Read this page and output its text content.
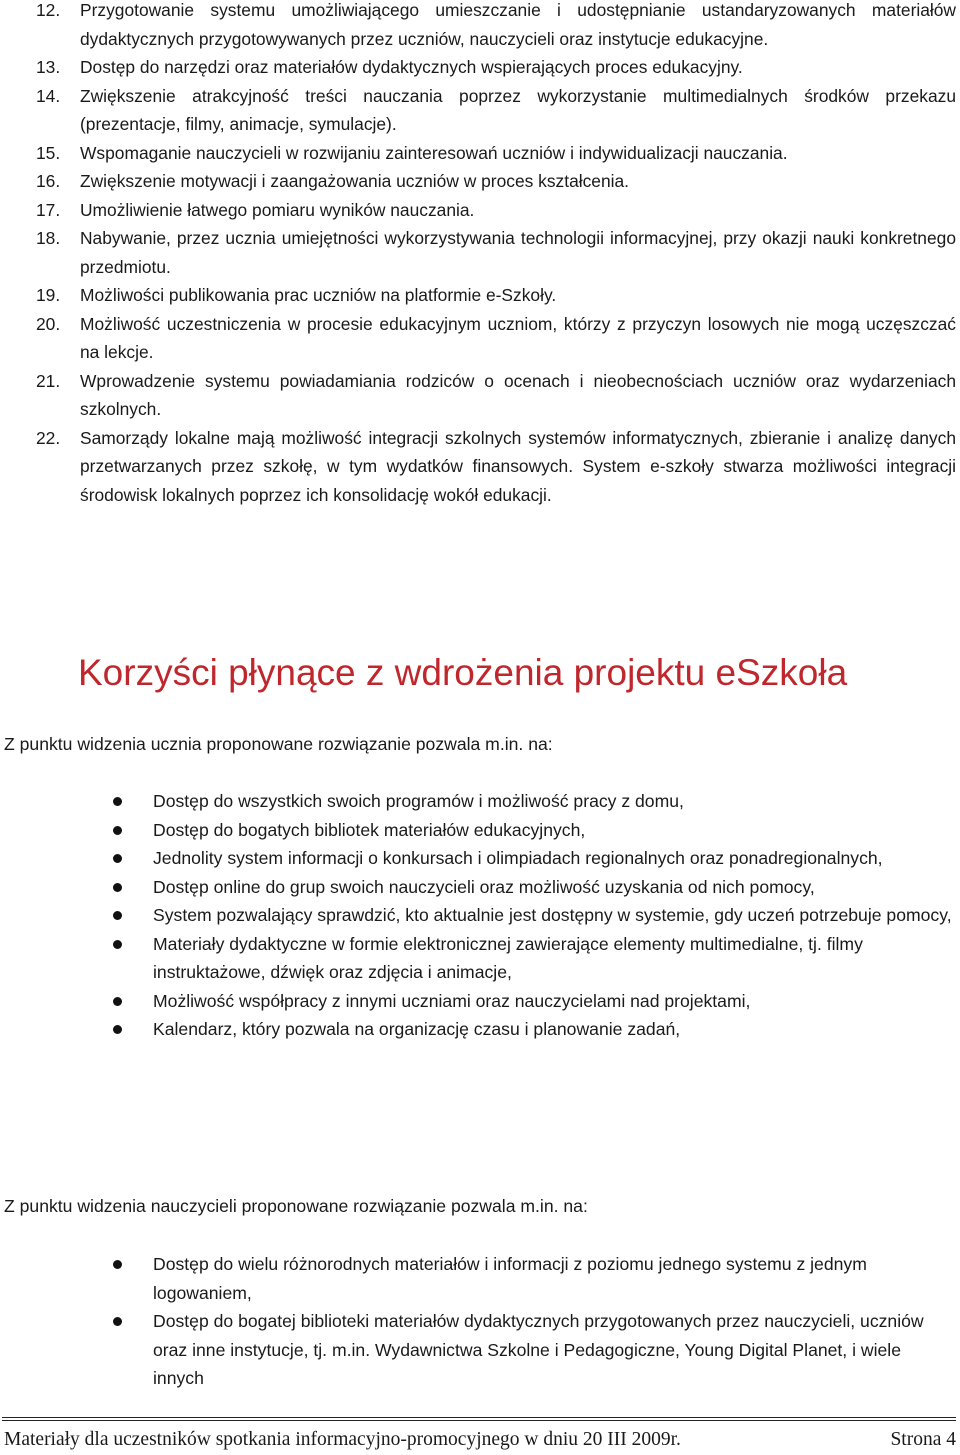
12.	Przygotowanie systemu umożliwiającego umieszczanie i udostępnianie ustandaryzowanych materiałów dydaktycznych przygotowywanych przez uczniów, nauczycieli oraz instytucje edukacyjne.
13.	Dostęp do narzędzi oraz materiałów dydaktycznych wspierających proces edukacyjny.
14.	Zwiększenie atrakcyjność treści nauczania poprzez wykorzystanie multimedialnych środków przekazu (prezentacje, filmy, animacje, symulacje).
15.	Wspomaganie nauczycieli w rozwijaniu zainteresowań uczniów i indywidualizacji nauczania.
16.	Zwiększenie motywacji i zaangażowania uczniów w proces kształcenia.
17.	Umożliwienie łatwego pomiaru wyników nauczania.
18.	Nabywanie, przez ucznia umiejętności wykorzystywania technologii informacyjnej, przy okazji nauki konkretnego przedmiotu.
19.	Możliwości publikowania prac uczniów na platformie e-Szkoły.
20.	Możliwość uczestniczenia w procesie edukacyjnym uczniom, którzy z przyczyn losowych nie mogą uczęszczać na lekcje.
21.	Wprowadzenie systemu powiadamiania rodziców o ocenach i nieobecnościach uczniów oraz wydarzeniach szkolnych.
22.	Samorządy lokalne mają możliwość integracji szkolnych systemów informatycznych, zbieranie i analizę danych przetwarzanych przez szkołę, w tym wydatków finansowych. System e-szkoły stwarza możliwości integracji środowisk lokalnych poprzez ich konsolidację wokół edukacji.
Korzyści płynące z wdrożenia projektu eSzkoła

Z punktu widzenia ucznia proponowane rozwiązanie pozwala m.in. na:

Dostęp do wszystkich swoich programów i możliwość pracy z domu,
Dostęp do bogatych bibliotek materiałów edukacyjnych,
Jednolity system informacji o konkursach i olimpiadach regionalnych oraz ponadregionalnych,
Dostęp online do grup swoich nauczycieli oraz możliwość uzyskania od nich pomocy,
System pozwalający sprawdzić, kto aktualnie jest dostępny w systemie, gdy uczeń potrzebuje pomocy,
Materiały dydaktyczne w formie elektronicznej zawierające elementy multimedialne, tj. filmy instruktażowe, dźwięk oraz zdjęcia i animacje,
Możliwość współpracy z innymi uczniami oraz nauczycielami nad projektami,
Kalendarz, który pozwala na organizację czasu i planowanie zadań,

Z punktu widzenia nauczycieli proponowane rozwiązanie pozwala m.in. na:

Dostęp do wielu różnorodnych materiałów i informacji z poziomu jednego systemu z jednym logowaniem,
Dostęp do bogatej biblioteki materiałów dydaktycznych przygotowanych przez nauczycieli, uczniów oraz inne instytucje, tj. m.in. Wydawnictwa Szkolne i Pedagogiczne, Young Digital Planet, i wiele innych
Materiały dla uczestników spotkania informacyjno-promocyjnego w dniu 20 III 2009r.	Strona 4
